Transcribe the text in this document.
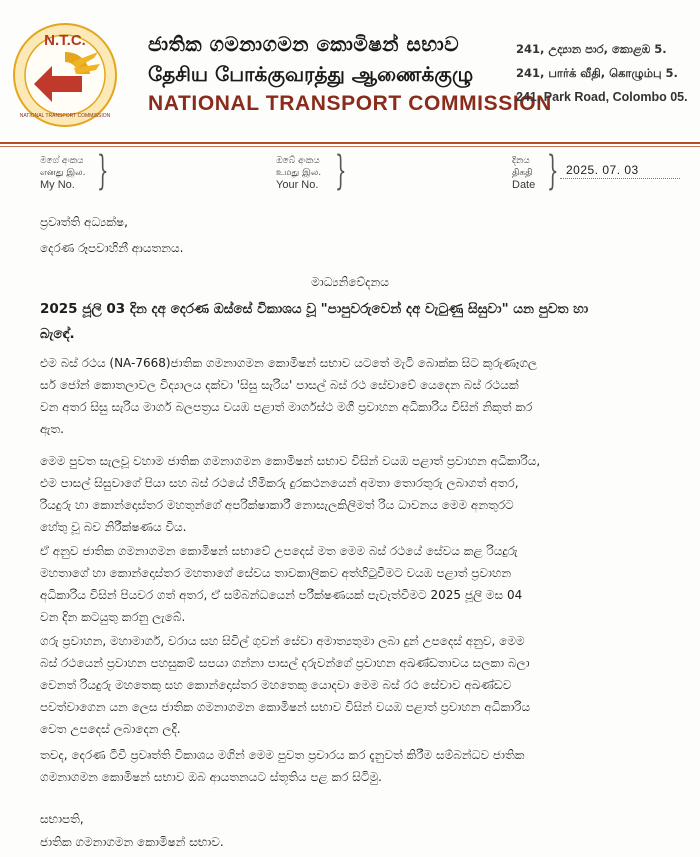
N.T.C.
NATIONAL TRANSPORT COMMISSION
ජාතික ගමනාගමන කොමිෂන් සභාව
தேசிய போக்குவரத்து ஆணைக்குழு
NATIONAL TRANSPORT COMMISSION
241, උද්‍යාන පාර, කොළඹ 5.
241, பார்க் வீதி, கொழும்பு 5.
241, Park Road, Colombo 05.
මගේ අංකය
எனது இல.
My No. }	ඔබේ අංකය
உமது இல.
Your No. }	දිනය
திகதி
Date } 2025. 07. 03
ප්‍රවෘත්ති අධ්‍යක්ෂ,
දෙරණ රූපවාහිනී ආයතනය.
මාධ්‍යනිවේදනය
2025 ජූලි 03 දින දඅ දෙරණ ඔස්සේ විකාශය වූ "පාපුවරුවෙන් දඅ වැටුණු සිසුවා" යන පුවත හා
බැඳේ.
එම බස් රථය (NA-7668)ජාතික ගමනාගමන කොමිෂන් සභාව යටතේ මැටි බොක්ක සිට කුරුණෑගල
සර් ජෝන් කොතලාවල විද්‍යාලය දක්වා 'සිසු සැරිය' පාසල් බස් රථ සේවාවේ යෙදෙන බස් රථයක්
වන අතර සිසු සැරිය මාර්ග බලපත්‍රය වයඹ පළාත් මාර්ගස්ථ මගී ප්‍රවාහන අධිකාරිය විසින් නිකුත් කර
ඇත.
මෙම පුවත සැලවූ වහාම ජාතික ගමනාගමන කොමිෂන් සභාව විසින් වයඹ පළාත් ප්‍රවාහන අධිකාරිය,
එම පාසල් සිසුවාගේ පියා සහ බස් රථයේ හිමිකරු දුරකථනයෙන් අමතා තොරතුරු ලබාගත් අතර,
රියදුරු හා කොන්දොස්තර මහතුන්ගේ අපරික්ෂාකාරී නොසැලකිලිමත් රිය ධාවනය මෙම අනතුරට
හේතු වූ බව නිරීක්ෂණය විය.
ඒ අනුව ජාතික ගමනාගමන කොමිෂන් සභාවේ උපදෙස් මත මෙම බස් රථයේ සේවය කළ රියදුරු
මහතාගේ හා කොන්දොස්තර මහතාගේ සේවය තාවකාලිකව අත්හිටුවීමට වයඹ පළාත් ප්‍රවාහන
අධිකාරිය විසින් පියවර ගත් අතර, ඒ සම්බන්ධයෙන් පරීක්ෂණයක් පැවැත්වීමට 2025 ජූලි මස 04
වන දින කටයුතු කරනු ලැබේ.
ගරු ප්‍රවාහන, මහාමාර්ග, වරාය සහ සිවිල් ගුවන් සේවා අමාත්‍යතුමා ලබා දුන් උපදෙස් අනුව, මෙම
බස් රථයෙන් ප්‍රවාහන පහසුකම් සපයා ගන්නා පාසල් දරුවන්ගේ ප්‍රවාහන අඛණ්ඩතාවය සලකා බලා
වෙනත් රියදුරු මහතෙකු සහ කොන්දොස්තර මහතෙකු යොදවා මෙම බස් රථ සේවාව අඛණ්ඩව
පවත්වාගෙන යන ලෙස ජාතික ගමනාගමන කොමිෂන් සභාව විසින් වයඹ පළාත් ප්‍රවාහන අධිකාරිය
වෙත උපදෙස් ලබාදෙන ලදි.
තවද, දෙරණ ටීවී ප්‍රවෘත්ති විකාශය මගින් මෙම පුවත ප්‍රචාරය කර දැනුවත් කිරීම සම්බන්ධව ජාතික
ගමනාගමන කොමිෂන් සභාව ඔබ ආයතනයට ස්තූතිය පළ කර සිටිමු.
සභාපති,
ජාතික ගමනාගමන කොමිෂන් සභාව.
